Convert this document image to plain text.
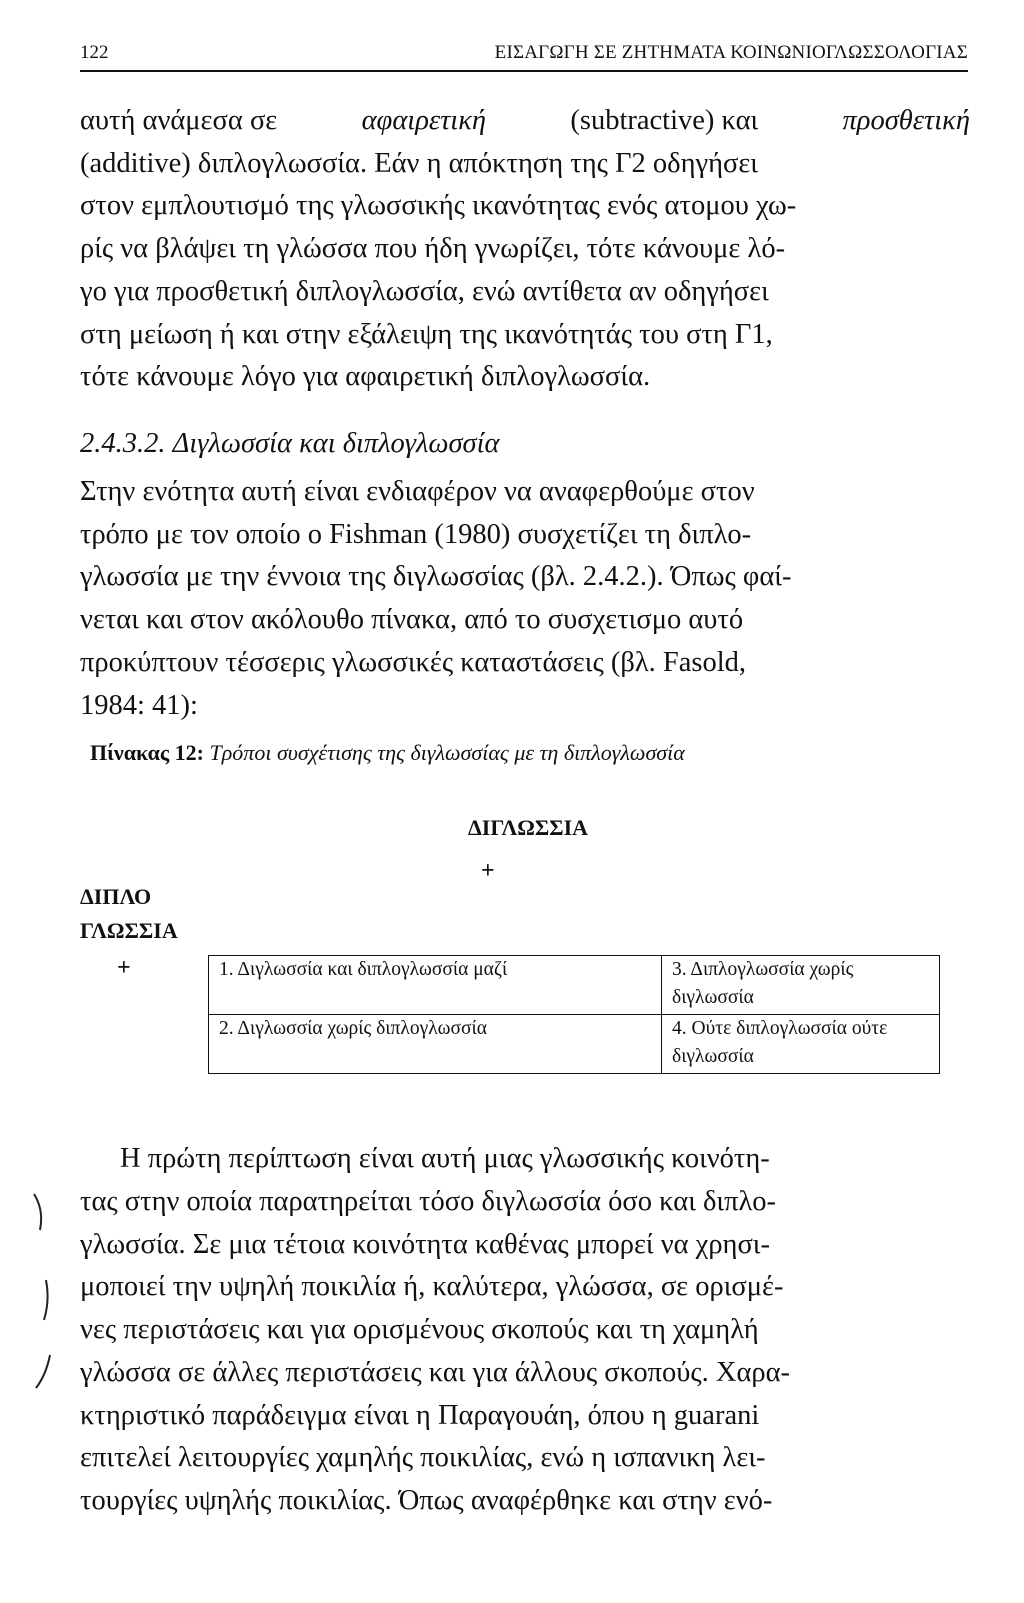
122	ΕΙΣΑΓΩΓΗ ΣΕ ΖΗΤΗΜΑΤΑ ΚΟΙΝΩΝΙΟΓΛΩΣΣΟΛΟΓΙΑΣ
αυτή ανάμεσα σε	αφαιρετική	(subtractive) και	προσθετική
(additive) διπλογλωσσία. Εάν η απόκτηση της Γ2 οδηγήσει
στον εμπλουτισμό της γλωσσικής ικανότητας ενός ατομου χω-
ρίς να βλάψει τη γλώσσα που ήδη γνωρίζει, τότε κάνουμε λό-
γο για προσθετική διπλογλωσσία, ενώ αντίθετα αν οδηγήσει
στη μείωση ή και στην εξάλειψη της ικανότητάς του στη Γ1,
τότε κάνουμε λόγο για αφαιρετική διπλογλωσσία.
2.4.3.2. Διγλωσσία και διπλογλωσσία
Στην ενότητα αυτή είναι ενδιαφέρον να αναφερθούμε στον
τρόπο με τον οποίο ο Fishman (1980) συσχετίζει τη διπλο-
γλωσσία με την έννοια της διγλωσσίας (βλ. 2.4.2.). Όπως φαί-
νεται και στον ακόλουθο πίνακα, από το συσχετισμο αυτό
προκύπτουν τέσσερις γλωσσικές καταστάσεις (βλ. Fasold,
1984: 41):
Πίνακας 12: Τρόποι συσχέτισης της διγλωσσίας με τη διπλογλωσσία
ΔΙΓΛΩΣΣΙΑ
+
ΔΙΠΛΟ
ΓΛΩΣΣΙΑ
+	1. Διγλωσσία και διπλογλωσσία μαζί	3. Διπλογλωσσία χωρίς διγλωσσία
2. Διγλωσσία χωρίς διπλογλωσσία	4. Ούτε διπλογλωσσία ούτε διγλωσσία
Η πρώτη περίπτωση είναι αυτή μιας γλωσσικής κοινότη-
τας στην οποία παρατηρείται τόσο διγλωσσία όσο και διπλο-
γλωσσία. Σε μια τέτοια κοινότητα καθένας μπορεί να χρησι-
μοποιεί την υψηλή ποικιλία ή, καλύτερα, γλώσσα, σε ορισμέ-
νες περιστάσεις και για ορισμένους σκοπούς και τη χαμηλή
γλώσσα σε άλλες περιστάσεις και για άλλους σκοπούς. Χαρα-
κτηριστικό παράδειγμα είναι η Παραγουάη, όπου η guarani
επιτελεί λειτουργίες χαμηλής ποικιλίας, ενώ η ισπανικη λει-
τουργίες υψηλής ποικιλίας. Όπως αναφέρθηκε και στην ενό-
